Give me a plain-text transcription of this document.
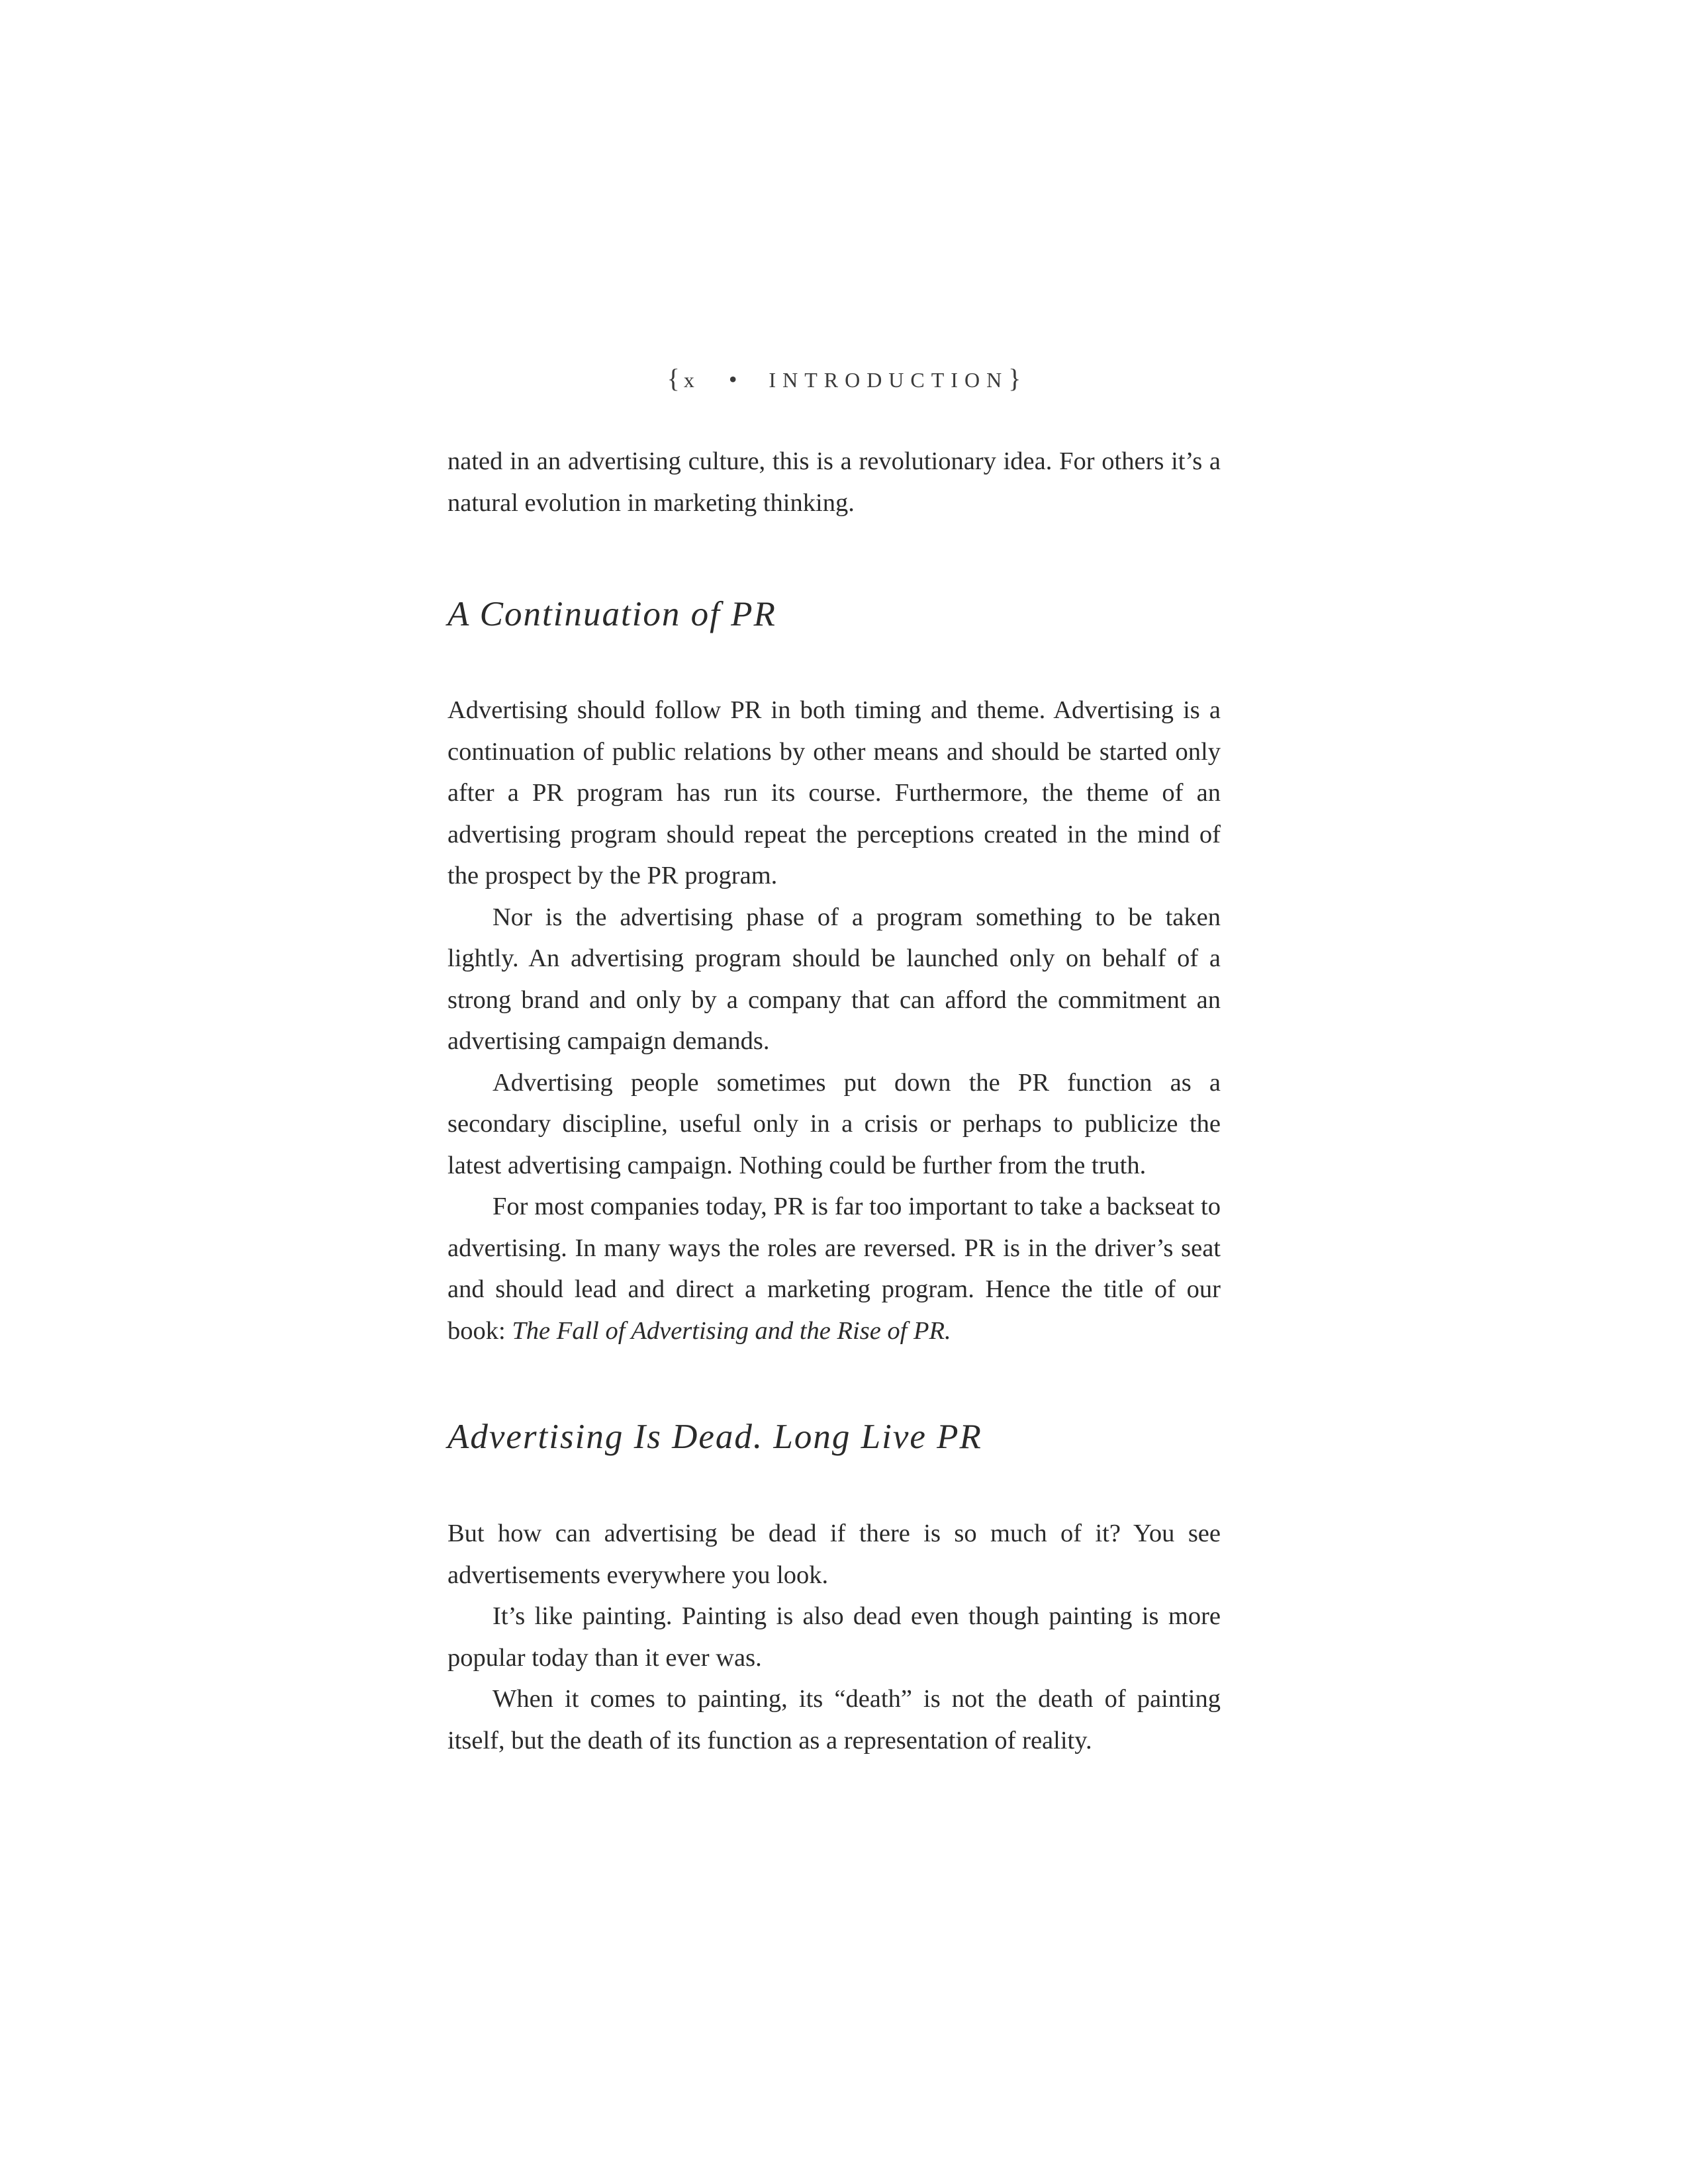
{ x • INTRODUCTION}

nated in an advertising culture, this is a revolutionary idea. For others it’s a natural evolution in marketing thinking.

A Continuation of PR

Advertising should follow PR in both timing and theme. Advertising is a continuation of public relations by other means and should be started only after a PR program has run its course. Furthermore, the theme of an advertising program should repeat the perceptions created in the mind of the prospect by the PR program.

Nor is the advertising phase of a program something to be taken lightly. An advertising program should be launched only on behalf of a strong brand and only by a company that can afford the commitment an advertising campaign demands.

Advertising people sometimes put down the PR function as a secondary discipline, useful only in a crisis or perhaps to publicize the latest advertising campaign. Nothing could be further from the truth.

For most companies today, PR is far too important to take a backseat to advertising. In many ways the roles are reversed. PR is in the driver’s seat and should lead and direct a marketing program. Hence the title of our book: The Fall of Advertising and the Rise of PR.

Advertising Is Dead. Long Live PR

But how can advertising be dead if there is so much of it? You see advertisements everywhere you look.

It’s like painting. Painting is also dead even though painting is more popular today than it ever was.

When it comes to painting, its “death” is not the death of painting itself, but the death of its function as a representation of reality.
